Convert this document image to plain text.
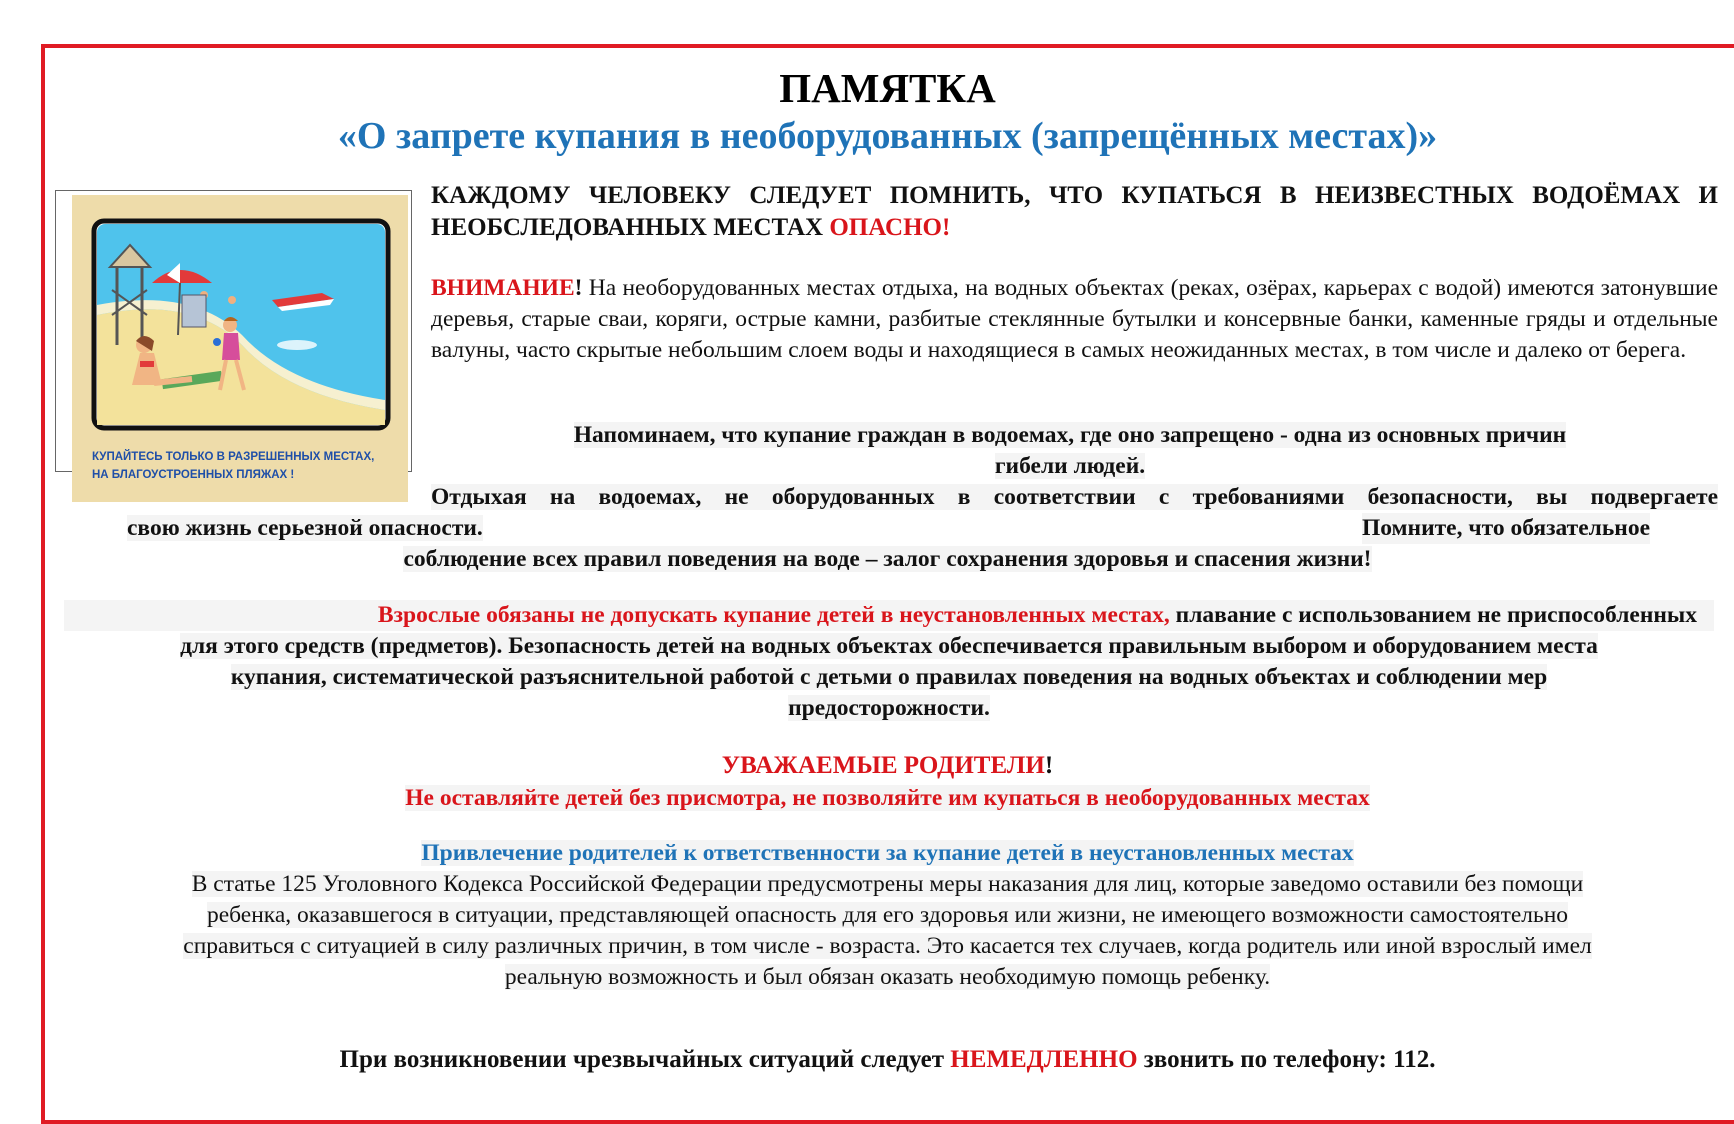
ПАМЯТКА
«О запрете купания в необорудованных (запрещённых местах)»
КУПАЙТЕСЬ ТОЛЬКО В РАЗРЕШЕННЫХ МЕСТАХ,
НА БЛАГОУСТРОЕННЫХ ПЛЯЖАХ !
КАЖДОМУ ЧЕЛОВЕКУ СЛЕДУЕТ ПОМНИТЬ, ЧТО КУПАТЬСЯ В НЕИЗВЕСТНЫХ ВОДОЁМАХ И НЕОБСЛЕДОВАННЫХ МЕСТАХ ОПАСНО!
ВНИМАНИЕ! На необорудованных местах отдыха, на водных объектах (реках, озёрах, карьерах с водой) имеются затонувшие деревья, старые сваи, коряги, острые камни, разбитые стеклянные бутылки и консервные банки, каменные гряды и отдельные валуны, часто скрытые небольшим слоем воды и находящиеся в самых неожиданных местах, в том числе и далеко от берега.
Напоминаем, что купание граждан в водоемах, где оно запрещено - одна из основных причин
гибели людей.
Отдыхая на водоемах, не оборудованных в соответствии с требованиями безопасности, вы подвергаете
свою жизнь серьезной опасности.	Помните, что обязательное
соблюдение всех правил поведения на воде – залог сохранения здоровья и спасения жизни!
Взрослые обязаны не допускать купание детей в неустановленных местах, плавание с использованием не приспособленных
для этого средств (предметов). Безопасность детей на водных объектах обеспечивается правильным выбором и оборудованием места
купания, систематической разъяснительной работой с детьми о правилах поведения на водных объектах и соблюдении мер
предосторожности.
УВАЖАЕМЫЕ РОДИТЕЛИ!
Не оставляйте детей без присмотра, не позволяйте им купаться в необорудованных местах
Привлечение родителей к ответственности за купание детей в неустановленных местах
В статье 125 Уголовного Кодекса Российской Федерации предусмотрены меры наказания для лиц, которые заведомо оставили без помощи
ребенка, оказавшегося в ситуации, представляющей опасность для его здоровья или жизни, не имеющего возможности самостоятельно
справиться с ситуацией в силу различных причин, в том числе - возраста. Это касается тех случаев, когда родитель или иной взрослый имел
реальную возможность и был обязан оказать необходимую помощь ребенку.
При возникновении чрезвычайных ситуаций следует НЕМЕДЛЕННО звонить по телефону: 112.
